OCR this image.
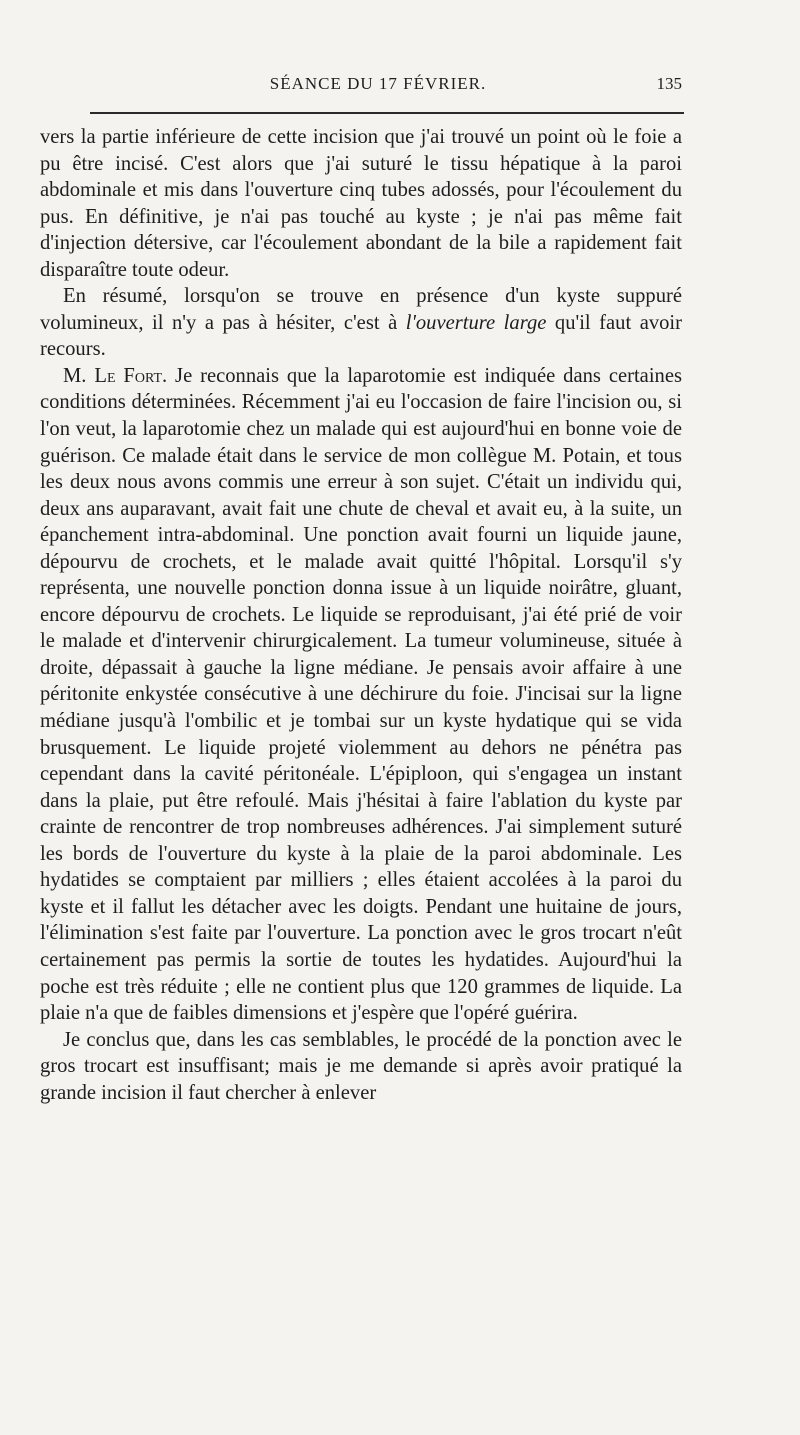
SÉANCE DU 17 FÉVRIER.	135

vers la partie inférieure de cette incision que j'ai trouvé un point où le foie a pu être incisé. C'est alors que j'ai suturé le tissu hépatique à la paroi abdominale et mis dans l'ouverture cinq tubes adossés, pour l'écoulement du pus. En définitive, je n'ai pas touché au kyste ; je n'ai pas même fait d'injection détersive, car l'écoulement abondant de la bile a rapidement fait disparaître toute odeur.

En résumé, lorsqu'on se trouve en présence d'un kyste suppuré volumineux, il n'y a pas à hésiter, c'est à l'ouverture large qu'il faut avoir recours.

M. Le Fort. Je reconnais que la laparotomie est indiquée dans certaines conditions déterminées. Récemment j'ai eu l'occasion de faire l'incision ou, si l'on veut, la laparotomie chez un malade qui est aujourd'hui en bonne voie de guérison. Ce malade était dans le service de mon collègue M. Potain, et tous les deux nous avons commis une erreur à son sujet. C'était un individu qui, deux ans auparavant, avait fait une chute de cheval et avait eu, à la suite, un épanchement intra-abdominal. Une ponction avait fourni un liquide jaune, dépourvu de crochets, et le malade avait quitté l'hôpital. Lorsqu'il s'y représenta, une nouvelle ponction donna issue à un liquide noirâtre, gluant, encore dépourvu de crochets. Le liquide se reproduisant, j'ai été prié de voir le malade et d'intervenir chirurgicalement. La tumeur volumineuse, située à droite, dépassait à gauche la ligne médiane. Je pensais avoir affaire à une péritonite enkystée consécutive à une déchirure du foie. J'incisai sur la ligne médiane jusqu'à l'ombilic et je tombai sur un kyste hydatique qui se vida brusquement. Le liquide projeté violemment au dehors ne pénétra pas cependant dans la cavité péritonéale. L'épiploon, qui s'engagea un instant dans la plaie, put être refoulé. Mais j'hésitai à faire l'ablation du kyste par crainte de rencontrer de trop nombreuses adhérences. J'ai simplement suturé les bords de l'ouverture du kyste à la plaie de la paroi abdominale. Les hydatides se comptaient par milliers ; elles étaient accolées à la paroi du kyste et il fallut les détacher avec les doigts. Pendant une huitaine de jours, l'élimination s'est faite par l'ouverture. La ponction avec le gros trocart n'eût certainement pas permis la sortie de toutes les hydatides. Aujourd'hui la poche est très réduite ; elle ne contient plus que 120 grammes de liquide. La plaie n'a que de faibles dimensions et j'espère que l'opéré guérira.

Je conclus que, dans les cas semblables, le procédé de la ponction avec le gros trocart est insuffisant; mais je me demande si après avoir pratiqué la grande incision il faut chercher à enlever
